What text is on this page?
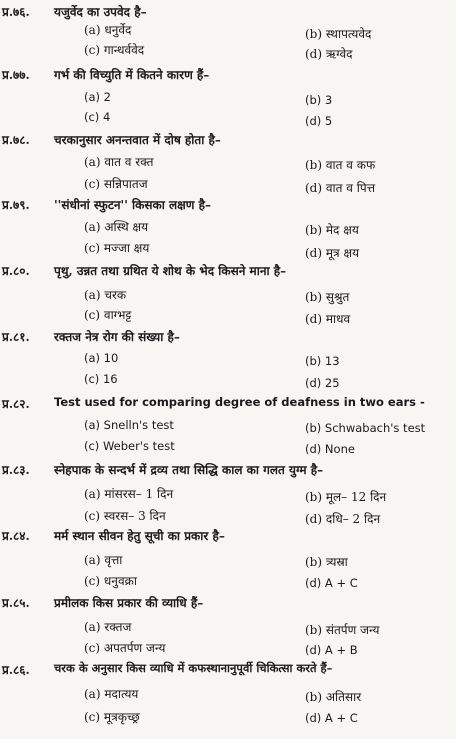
प्र.७६. यजुर्वेद का उपवेद है–
(a) धनुर्वेद	(b) स्थापत्यवेद
(c) गान्धर्ववेद	(d) ऋग्वेद
प्र.७७. गर्भ की विच्युति में कितने कारण हैं–
(a) 2	(b) 3
(c) 4	(d) 5
प्र.७८. चरकानुसार अनन्तवात में दोष होता है–
(a) वात व रक्त	(b) वात व कफ
(c) सन्निपातज	(d) वात व पित्त
प्र.७९. ''संधीनां स्फुटन'' किसका लक्षण है–
(a) अस्थि क्षय	(b) मेद क्षय
(c) मज्जा क्षय	(d) मूत्र क्षय
प्र.८०. पृथु, उन्नत तथा ग्रथित ये शोथ के भेद किसने माना है–
(a) चरक	(b) सुश्रुत
(c) वाग्भट्ट	(d) माधव
प्र.८१. रक्तज नेत्र रोग की संख्या है–
(a) 10	(b) 13
(c) 16	(d) 25
प्र.८२. Test used for comparing degree of deafness in two ears -
(a) Snelln's test	(b) Schwabach's test
(c) Weber's test	(d) None
प्र.८३. स्नेहपाक के सन्दर्भ में द्रव्य तथा सिद्धि काल का गलत युग्म है–
(a) मांसरस– 1 दिन	(b) मूल– 12 दिन
(c) स्वरस– 3 दिन	(d) दधि– 2 दिन
प्र.८४. मर्म स्थान सीवन हेतु सूची का प्रकार है–
(a) वृत्ता	(b) त्र्यस्रा
(c) धनुवक्रा	(d) A + C
प्र.८५. प्रमीलक किस प्रकार की व्याधि हैं–
(a) रक्तज	(b) संतर्पण जन्य
(c) अपतर्पण जन्य	(d) A + B
प्र.८६. चरक के अनुसार किस व्याधि में कफस्थानानुपूर्वी चिकित्सा करते हैं–
(a) मदात्यय	(b) अतिसार
(c) मूत्रकृच्छ्र	(d) A + C
